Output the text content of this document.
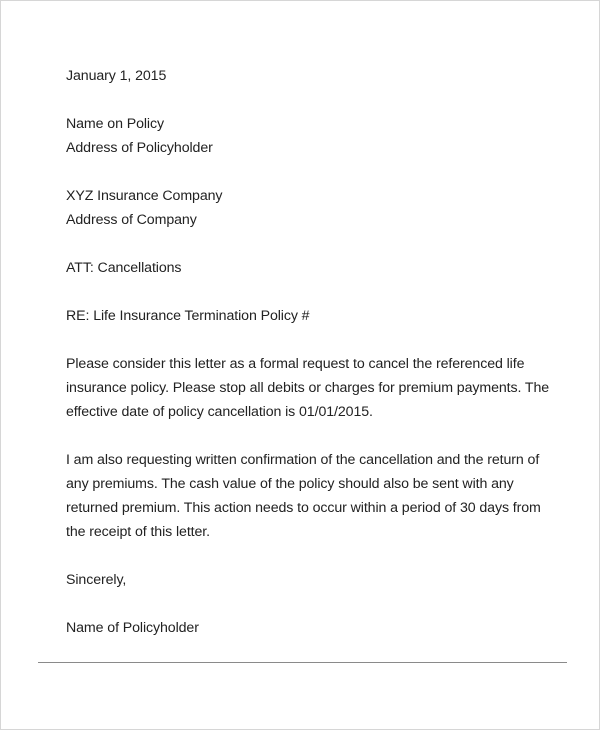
January 1, 2015
Name on Policy
Address of Policyholder
XYZ Insurance Company
Address of Company
ATT: Cancellations
RE: Life Insurance Termination Policy #
Please consider this letter as a formal request to cancel the referenced life
insurance policy. Please stop all debits or charges for premium payments. The
effective date of policy cancellation is 01/01/2015.
I am also requesting written confirmation of the cancellation and the return of
any premiums. The cash value of the policy should also be sent with any
returned premium. This action needs to occur within a period of 30 days from
the receipt of this letter.
Sincerely,
Name of Policyholder
